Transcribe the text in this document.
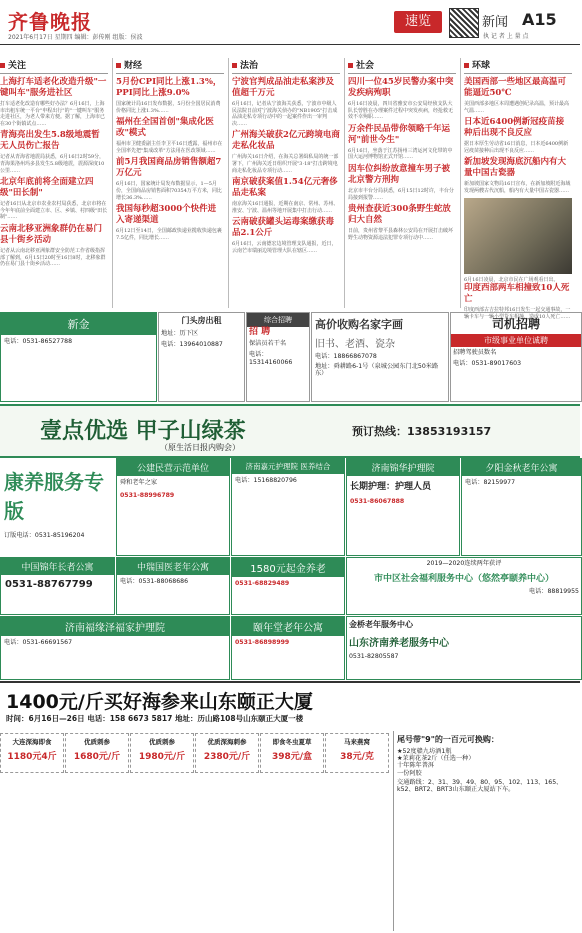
齐鲁晚报
2021年6月17日 星期四 编辑：彭传刚 组版：侯波
速览	新闻 A15
执 记 者 上 量 点
关注
上海打车适老化改造升级"一键叫车"服务进社区
打车适老化改造有哪些好办法？6月16日，上海市出租车统一平台"申程出行"的"一键叫车"服务走进社区，为老人带来方便。据了解，上海市已在30个街镇试点……
青海亮出发生5.8级地震暂无人员伤亡报告
记者从青海省地震局获悉，6月16日2时59分，青海果洛州玛多县发生5.8级地震，震源深度10公里……
北京年底前将全面建立四级"田长制"
记者16日从北京市农业农村局获悉，北京市将在今年年底前全面建立市、区、乡镇、村四级"田长制"……
云南北移亚洲象群仍在易门县十街乡活动
记者从云南北移亚洲象群安全防范工作省级指挥部了解到，6月15日20时至16日8时，北移象群仍在易门县十街乡活动……
财经
5月份CPI同比上涨1.3%，PPI同比上涨9.0%
国家统计局16日发布数据，5月份全国居民消费价格同比上涨1.3%……
福州在全国首创"集成化医改"模式
福州市卫健委副主任李卫平16日透露，福州市在全国率先把"集成改革"方法用在医改领域……
前5月我国商品房销售额超7万亿元
6月16日，国家统计局发布数据显示，1—5月份，全国商品房销售面积70354万平方米，同比增长36.3%……
我国每秒超3000个快件进入寄递渠道
6月12日至14日，全国邮政快递业揽收快递包裹7.5亿件，同比增长……
法治
宁波官判成品油走私案涉及值超千万元
6月16日，记者从宁波海关获悉，宁波市中级人民法院日前对宁波海关侦办的"NB1905"打击成品油走私专项行动中的一起案件作出一审判决……
广州海关破获2亿元跨境电商走私化妆品
广州海关16日介绍，在海关总署缉私局的统一部署下，广州海关近日组织开展"3·18"打击跨境电商走私化妆品专项行动……
南京破获案值1.54亿元奢侈品走私案
南京海关16日通报，近期在南京、常州、苏州、淮安、宁波、温州等地开展集中打击行动……
云南破获罐头运毒案缴获毒品2.1公斤
6月16日，云南德宏边境管理支队通报，近日，云南芒市瑞丽边境管理大队在辖区……
社会
四川一位45岁民警办案中突发疾病殉职
6月16日凌晨，四川省雅安市公安局经侦支队大队长曾胜在办理案件过程中突发疾病，经抢救无效不幸殉职……
万余件民品带你领略千年运河"前世今生"
6月16日，坐落于江苏扬州三湾运河文化带的中国大运河博物馆正式开馆……
因车位纠纷放意撞车男子被北京警方刑拘
北京市丰台分局获悉，6月15日12时许，丰台分局接到报警……
贵州查获近300条野生蛇放归大自然
日前，贵州省黎平县森林公安局在开展打击破坏野生动物资源违法犯罪专项行动中……
环球
美国西部一些地区最高温可能逼近50℃
美国西部多地区本周遭遇创纪录高温，预计最高气温……
日本近6400例新冠疫苗接种后出现不良反应
据日本厚生劳动省16日消息，日本近6400例新冠疫苗接种后出现不良反应……
新加坡发现海底沉船内有大量中国古瓷器
新加坡国家文物局16日宣布，在新加坡附近海域发现两艘古代沉船，船内有大量中国古瓷器……
6月16日凌晨，北京市民在广场观看日出。
印度西部两车相撞致10人死亡
印度西部古吉拉特邦16日发生一起交通事故，一辆卡车与一辆小型货车相撞，造成10人死亡……
新金
电话：0531-86527788
门头房出租
地址：历下区
电话：13964010887
综合招聘
招 聘
保洁员若干名
电话：15314160066
高价收购名家字画
旧书、老酒、瓷杂
电话：18866867078
地址：舜耕路6-1号（泉城公园东门北50米路东）
司机招聘
市级事业单位诚聘
招聘驾驶员数名
电话：0531-89017603
壹点优选 甲子山绿茶
（原生活日报内购会）
预订热线：13853193157
康养服务专版
订版电话：0531-85196204
公建民营示范单位
舜和老年之家
0531-88996789
济南嘉元护理院 医养结合
电话：15168820796
济南锦华护理院
长期护理：护理人员
0531-86067888
夕阳金秋老年公寓
电话：82159977
中国锦年长者公寓
0531-88767799
中瑞国医老年公寓
电话：0531-88068686
1580元起金养老
0531-68829489
2019—2020连续两年获评
市中区社会福利服务中心（悠然亭颐养中心）
电话：88819955
济南福缘泽福家护理院
电话：0531-66691567
颐年堂老年公寓
0531-86898999
金桥老年服务中心
山东济南养老服务中心
0531-82805587
1400元/斤买好海参来山东颐正大厦
时间：6月16日—26日 电话：158 6673 5817 地址：历山路108号山东颐正大厦一楼
大连深海即食
1180元4斤
优质刺参
1680元/斤
优质刺参
1980元/斤
优质深海刺参
2380元/斤
即食冬虫夏草
398元/盒
马来燕窝
38元/克
尾号带"9"的一百元可换购：
★52度赣九坊酒1瓶
★茉莉花茶2斤（任选一种）
十年陈年普洱
一份阿胶
交通路线：2、31、39、49、80、95、102、113、165、k52、BRT2、BRT3山东颐正大厦站下车。
